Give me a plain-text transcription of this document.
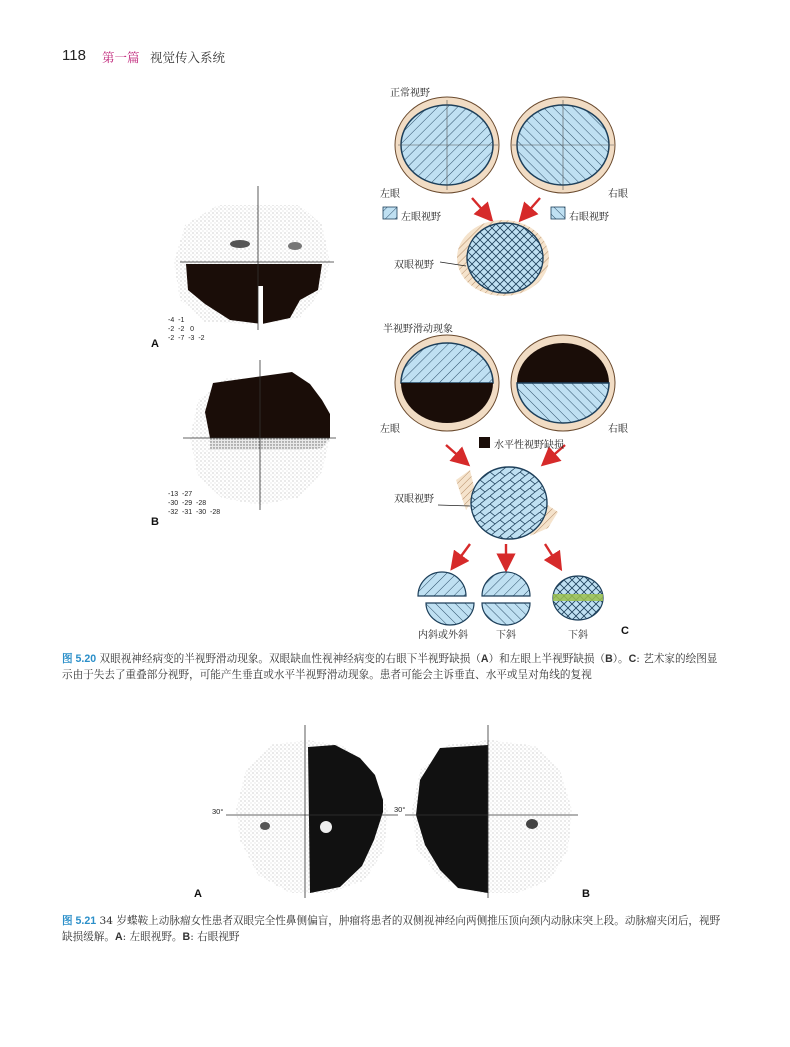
118 第一篇 视觉传入系统
-4  -1
-2  -2   0
-2  -7  -3  -2
A
-13  -27
-30  -29  -28
-32  -31  -30  -28
B
正常视野
左眼	右眼
左眼视野	右眼视野
双眼视野
半视野滑动现象
左眼	右眼
水平性视野缺损
双眼视野
内斜或外斜	下斜	下斜	C
图 5.20 双眼视神经病变的半视野滑动现象。双眼缺血性视神经病变的右眼下半视野缺损（A）和左眼上半视野缺损（B）。C: 艺术家的绘图显示由于失去了重叠部分视野，可能产生垂直或水平半视野滑动现象。患者可能会主诉垂直、水平或呈对角线的复视
30°	30°
A	B
图 5.21 34 岁蝶鞍上动脉瘤女性患者双眼完全性鼻侧偏盲，肿瘤将患者的双侧视神经向两侧推压顶向颈内动脉床突上段。动脉瘤夹闭后，视野缺损缓解。A: 左眼视野。B: 右眼视野
